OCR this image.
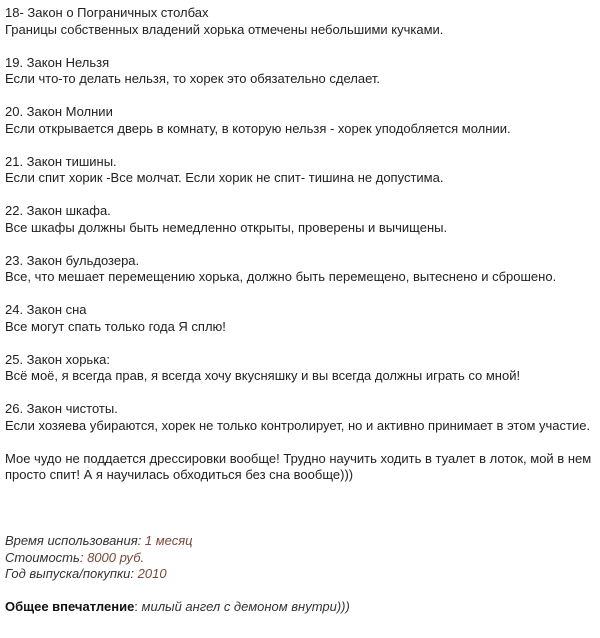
18- Закон о Пограничных столбах

Границы собственных владений хорька отмечены небольшими кучками.

19. Закон Нельзя

Если что-то делать нельзя, то хорек это обязательно сделает.

20. Закон Молнии

Если открывается дверь в комнату, в которую нельзя - хорек уподобляется молнии.

21. Закон тишины.

Если спит хорик -Все молчат. Если хорик не спит- тишина не допустима.

22. Закон шкафа.

Все шкафы должны быть немедленно открыты, проверены и вычищены.

23. Закон бульдозера.

Все, что мешает перемещению хорька, должно быть перемещено, вытеснено и сброшено.

24. Закон сна

Все могут спать только года Я сплю!

25. Закон хорька:

Всё моё, я всегда прав, я всегда хочу вкусняшку и вы всегда должны играть со мной!

26. Закон чистоты.

Если хозяева убираются, хорек не только контролирует, но и активно принимает в этом участие.

Мое чудо не поддается дрессировки вообще! Трудно научить ходить в туалет в лоток, мой в нем просто спит! А я научилась обходиться без сна вообще)))

Время использования: 1 месяц

Стоимость: 8000 руб.

Год выпуска/покупки: 2010

Общее впечатление: милый ангел с демоном внутри)))
